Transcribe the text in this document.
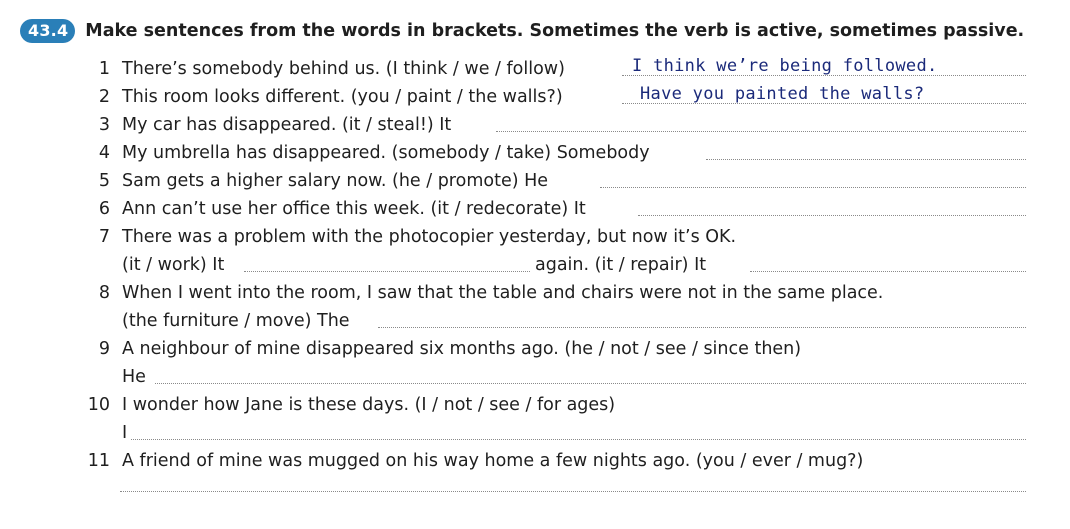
43.4 Make sentences from the words in brackets. Sometimes the verb is active, sometimes passive.
1 There’s somebody behind us. (I think / we / follow)	I think we’re being followed.
2 This room looks different. (you / paint / the walls?)	Have you painted the walls?
3 My car has disappeared. (it / steal!) It
4 My umbrella has disappeared. (somebody / take) Somebody
5 Sam gets a higher salary now. (he / promote) He
6 Ann can’t use her office this week. (it / redecorate) It
7 There was a problem with the photocopier yesterday, but now it’s OK.
(it / work) It	again. (it / repair) It
8 When I went into the room, I saw that the table and chairs were not in the same place.
(the furniture / move) The
9 A neighbour of mine disappeared six months ago. (he / not / see / since then)
He
10 I wonder how Jane is these days. (I / not / see / for ages)
I
11 A friend of mine was mugged on his way home a few nights ago. (you / ever / mug?)
